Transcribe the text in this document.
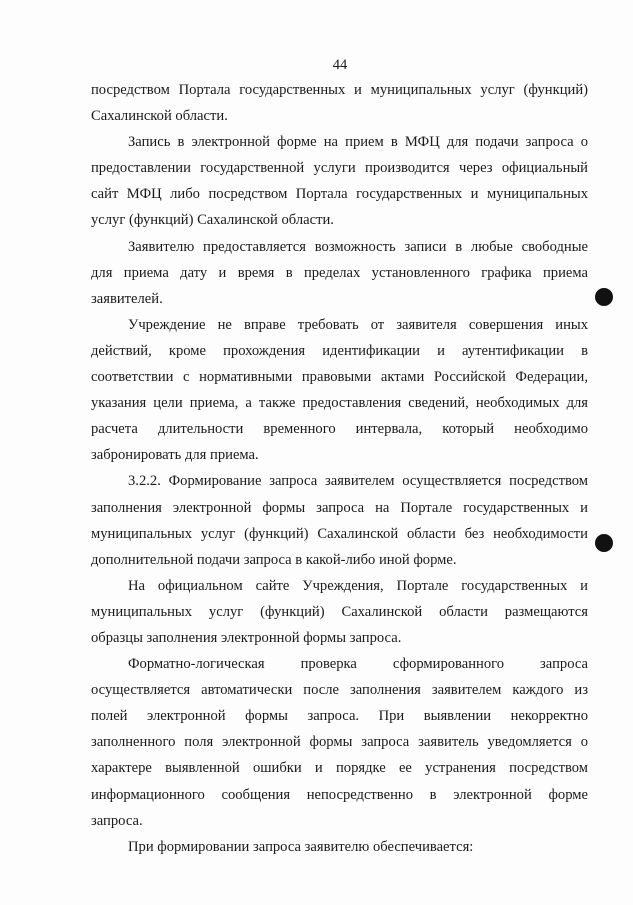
44
посредством Портала государственных и муниципальных услуг (функций)
Сахалинской области.
Запись в электронной форме на прием в МФЦ для подачи запроса о
предоставлении государственной услуги производится через официальный
сайт МФЦ либо посредством Портала государственных и муниципальных
услуг (функций) Сахалинской области.
Заявителю предоставляется возможность записи в любые свободные
для приема дату и время в пределах установленного графика приема
заявителей.
Учреждение не вправе требовать от заявителя совершения иных
действий, кроме прохождения идентификации и аутентификации в
соответствии с нормативными правовыми актами Российской Федерации,
указания цели приема, а также предоставления сведений, необходимых для
расчета длительности временного интервала, который необходимо
забронировать для приема.
3.2.2. Формирование запроса заявителем осуществляется посредством
заполнения электронной формы запроса на Портале государственных и
муниципальных услуг (функций) Сахалинской области без необходимости
дополнительной подачи запроса в какой-либо иной форме.
На официальном сайте Учреждения, Портале государственных и
муниципальных услуг (функций) Сахалинской области размещаются
образцы заполнения электронной формы запроса.
Форматно-логическая проверка сформированного запроса
осуществляется автоматически после заполнения заявителем каждого из
полей электронной формы запроса. При выявлении некорректно
заполненного поля электронной формы запроса заявитель уведомляется о
характере выявленной ошибки и порядке ее устранения посредством
информационного сообщения непосредственно в электронной форме
запроса.
При формировании запроса заявителю обеспечивается:
